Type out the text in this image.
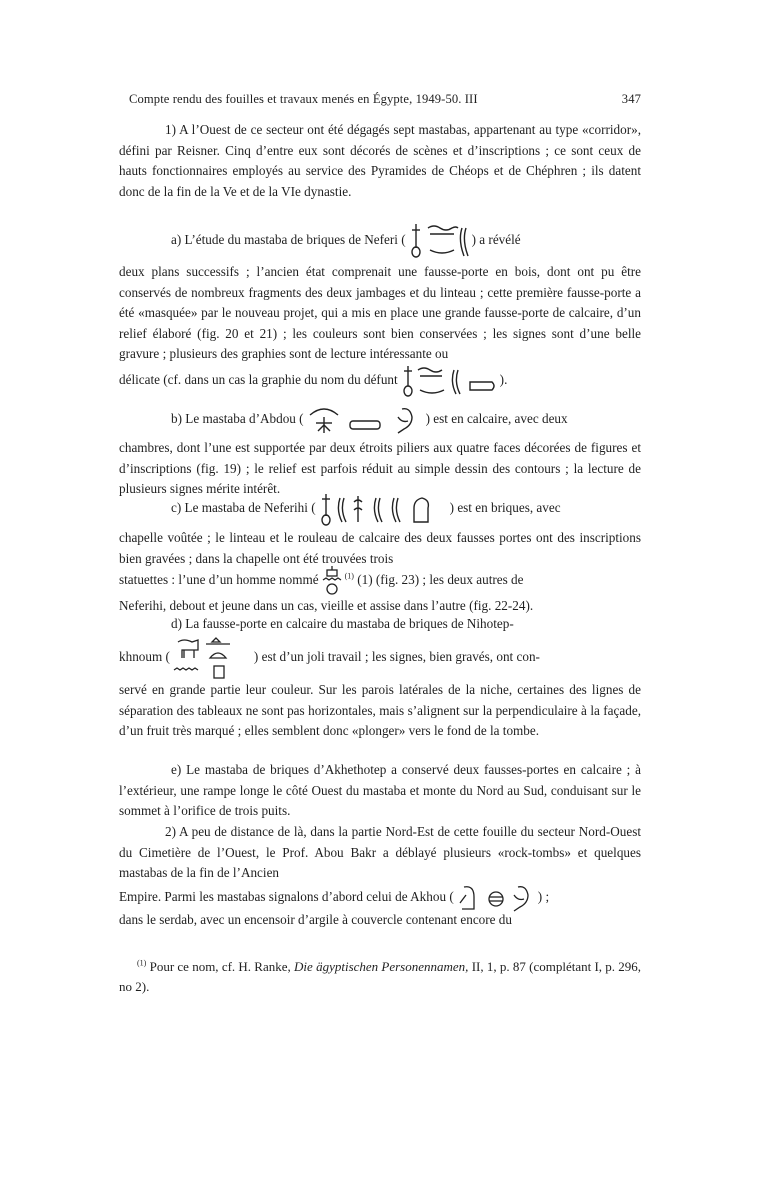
Compte rendu des fouilles et travaux menés en Égypte, 1949-50. III	347

1) A l’Ouest de ce secteur ont été dégagés sept mastabas, appartenant au type «corridor», défini par Reisner. Cinq d’entre eux sont décorés de scènes et d’inscriptions ; ce sont ceux de hauts fonctionnaires employés au service des Pyramides de Chéops et de Chéphren ; ils datent donc de la fin de la Ve et de la VIe dynastie.

a) L’étude du mastaba de briques de Neferi (	) a révélé

deux plans successifs ; l’ancien état comprenait une fausse-porte en bois, dont ont pu être conservés de nombreux fragments des deux jambages et du linteau ; cette première fausse-porte a été «masquée» par le nouveau projet, qui a mis en place une grande fausse-porte de calcaire, d’un relief élaboré (fig. 20 et 21) ; les couleurs sont bien conservées ; les signes sont d’une belle gravure ; plusieurs des graphies sont de lecture intéressante ou

délicate (cf. dans un cas la graphie du nom du défunt	).

b) Le mastaba d’Abdou (	) est en calcaire, avec deux

chambres, dont l’une est supportée par deux étroits piliers aux quatre faces décorées de figures et d’inscriptions (fig. 19) ; le relief est parfois réduit au simple dessin des contours ; la lecture de plusieurs signes mérite intérêt.

c) Le mastaba de Neferihi (	) est en briques, avec

chapelle voûtée ; le linteau et le rouleau de calcaire des deux fausses portes ont des inscriptions bien gravées ; dans la chapelle ont été trouvées trois

statuettes : l’une d’un homme nommé	$^{(1)}$ (1) (fig. 23) ; les deux autres de

Neferihi, debout et jeune dans un cas, vieille et assise dans l’autre (fig. 22-24).

d) La fausse-porte en calcaire du mastaba de briques de Nihotep-

khnoum (	) est d’un joli travail ; les signes, bien gravés, ont con-

servé en grande partie leur couleur. Sur les parois latérales de la niche, certaines des lignes de séparation des tableaux ne sont pas horizontales, mais s’alignent sur la perpendiculaire à la façade, d’un fruit très marqué ; elles semblent donc «plonger» vers le fond de la tombe.

e) Le mastaba de briques d’Akhethotep a conservé deux fausses-portes en calcaire ; à l’extérieur, une rampe longe le côté Ouest du mastaba et monte du Nord au Sud, conduisant sur le sommet à l’orifice de trois puits.

2) A peu de distance de là, dans la partie Nord-Est de cette fouille du secteur Nord-Ouest du Cimetière de l’Ouest, le Prof. Abou Bakr a déblayé plusieurs «rock-tombs» et quelques mastabas de la fin de l’Ancien

Empire. Parmi les mastabas signalons d’abord celui de Akhou (	) ;

dans le serdab, avec un encensoir d’argile à couvercle contenant encore du

$^{(1)}$ Pour ce nom, cf. H. Ranke, Die ägyptischen Personennamen, II, 1, p. 87 (complétant I, p. 296, no 2).
